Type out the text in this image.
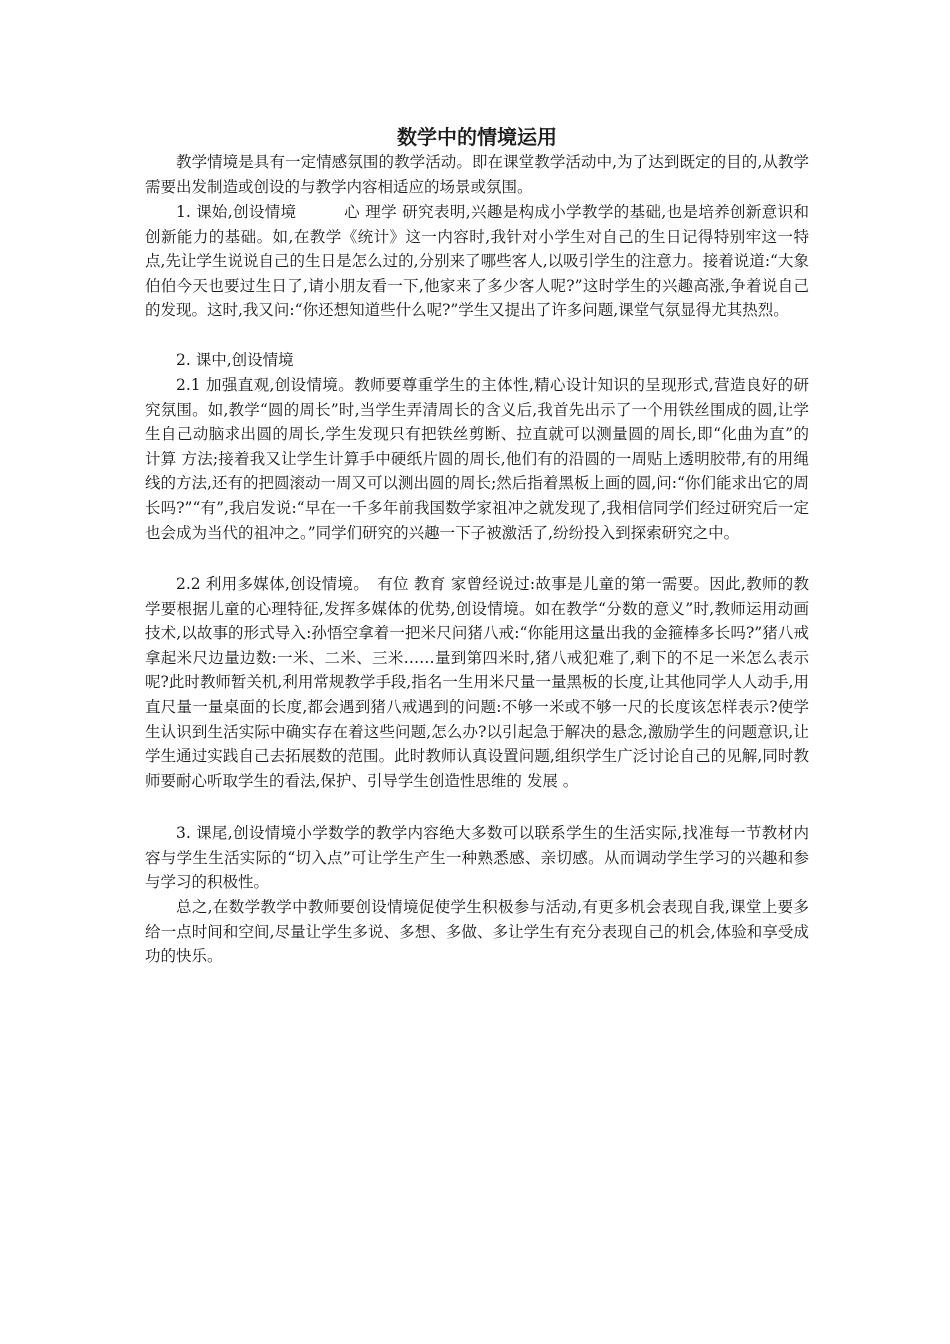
数学中的情境运用

教学情境是具有一定情感氛围的教学活动。即在课堂教学活动中,为了达到既定的目的,从教学需要出发制造或创设的与教学内容相适应的场景或氛围。

1. 课始,创设情境　　　心 理学 研究表明,兴趣是构成小学教学的基础,也是培养创新意识和创新能力的基础。如,在教学《统计》这一内容时,我针对小学生对自己的生日记得特别牢这一特点,先让学生说说自己的生日是怎么过的,分别来了哪些客人,以吸引学生的注意力。接着说道:“大象伯伯今天也要过生日了,请小朋友看一下,他家来了多少客人呢?”这时学生的兴趣高涨,争着说自己的发现。这时,我又问:“你还想知道些什么呢?”学生又提出了许多问题,课堂气氛显得尤其热烈。

2. 课中,创设情境

2.1 加强直观,创设情境。教师要尊重学生的主体性,精心设计知识的呈现形式,营造良好的研究氛围。如,教学“圆的周长”时,当学生弄清周长的含义后,我首先出示了一个用铁丝围成的圆,让学生自己动脑求出圆的周长,学生发现只有把铁丝剪断、拉直就可以测量圆的周长,即“化曲为直”的 计算 方法;接着我又让学生计算手中硬纸片圆的周长,他们有的沿圆的一周贴上透明胶带,有的用绳线的方法,还有的把圆滚动一周又可以测出圆的周长;然后指着黑板上画的圆,问:“你们能求出它的周长吗?”“有”,我启发说:“早在一千多年前我国数学家祖冲之就发现了,我相信同学们经过研究后一定也会成为当代的祖冲之。”同学们研究的兴趣一下子被激活了,纷纷投入到探索研究之中。

2.2 利用多媒体,创设情境。　有位 教育 家曾经说过:故事是儿童的第一需要。因此,教师的教学要根据儿童的心理特征,发挥多媒体的优势,创设情境。如在教学“分数的意义”时,教师运用动画技术,以故事的形式导入:孙悟空拿着一把米尺问猪八戒:“你能用这量出我的金箍棒多长吗?”猪八戒拿起米尺边量边数:一米、二米、三米……量到第四米时,猪八戒犯难了,剩下的不足一米怎么表示呢?此时教师暂关机,利用常规教学手段,指名一生用米尺量一量黑板的长度,让其他同学人人动手,用直尺量一量桌面的长度,都会遇到猪八戒遇到的问题:不够一米或不够一尺的长度该怎样表示?使学生认识到生活实际中确实存在着这些问题,怎么办?以引起急于解决的悬念,激励学生的问题意识,让学生通过实践自己去拓展数的范围。此时教师认真设置问题,组织学生广泛讨论自己的见解,同时教师要耐心听取学生的看法,保护、引导学生创造性思维的 发展 。

3. 课尾,创设情境小学数学的教学内容绝大多数可以联系学生的生活实际,找准每一节教材内容与学生生活实际的“切入点”可让学生产生一种熟悉感、亲切感。从而调动学生学习的兴趣和参与学习的积极性。

总之,在数学教学中教师要创设情境促使学生积极参与活动,有更多机会表现自我,课堂上要多给一点时间和空间,尽量让学生多说、多想、多做、多让学生有充分表现自己的机会,体验和享受成功的快乐。
